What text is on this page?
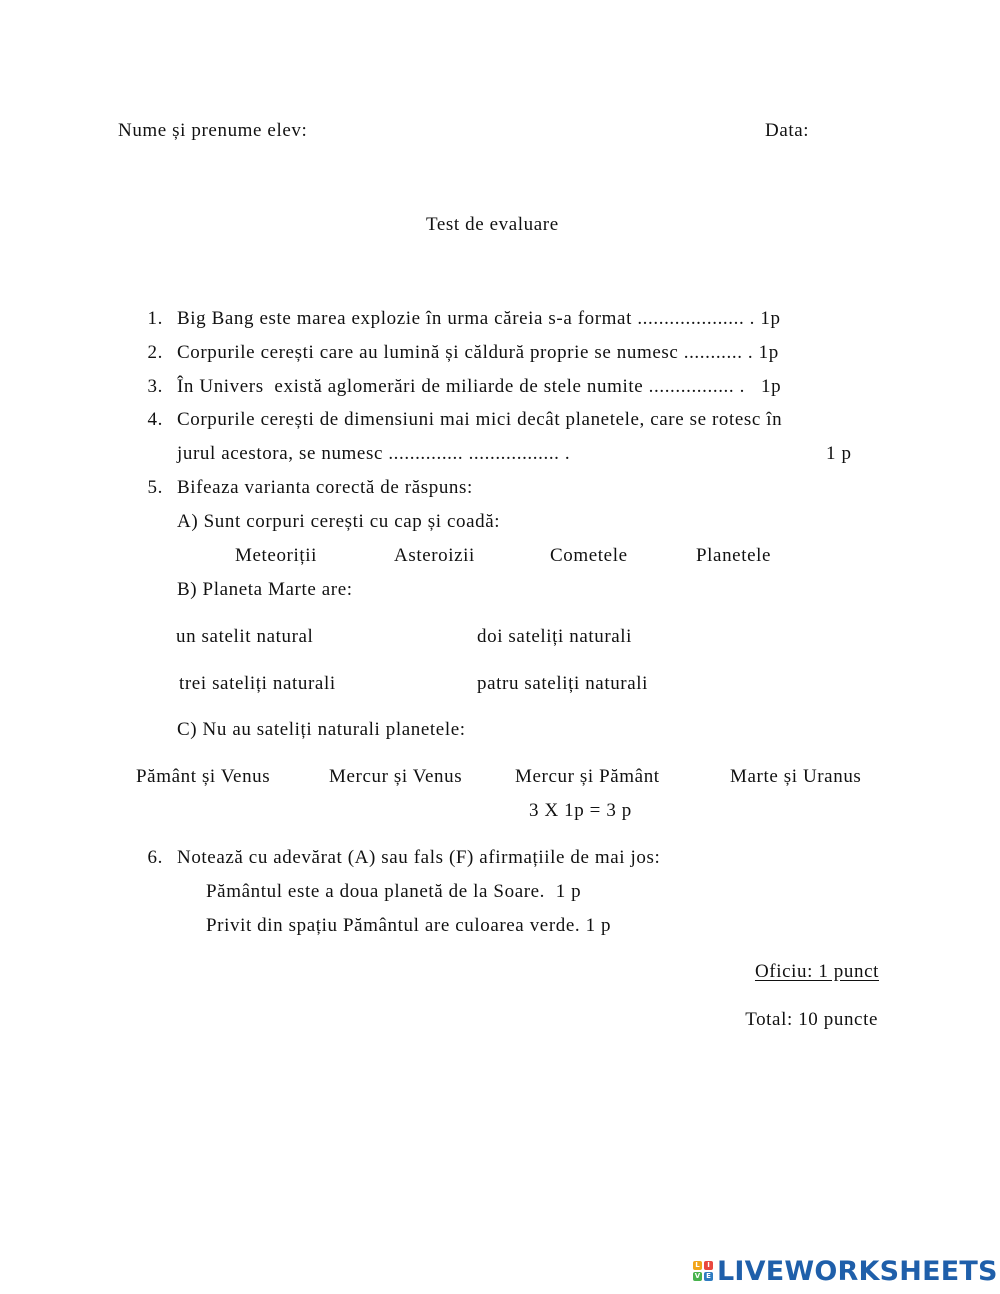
Nume și prenume elev:	Data:
Test de evaluare
1. Big Bang este marea explozie în urma căreia s-a format .................... . 1p
2. Corpurile cerești care au lumină și căldură proprie se numesc ........... . 1p
3. În Univers  există aglomerări de miliarde de stele numite ................ .   1p
4. Corpurile cerești de dimensiuni mai mici decât planetele, care se rotesc în
jurul acestora, se numesc .............. ................. .	1 p
5. Bifeaza varianta corectă de răspuns:
A) Sunt corpuri cerești cu cap și coadă:
Meteoriții	Asteroizii	Cometele	Planetele
B) Planeta Marte are:
un satelit natural	doi sateliți naturali
trei sateliți naturali	patru sateliți naturali
C) Nu au sateliți naturali planetele:
Pământ și Venus	Mercur și Venus	Mercur și Pământ	Marte și Uranus
3 X 1p = 3 p
6. Notează cu adevărat (A) sau fals (F) afirmațiile de mai jos:
Pământul este a doua planetă de la Soare.  1 p
Privit din spațiu Pământul are culoarea verde. 1 p
Oficiu: 1 punct
Total: 10 puncte
L	I
V E LIVEWORKSHEETS
